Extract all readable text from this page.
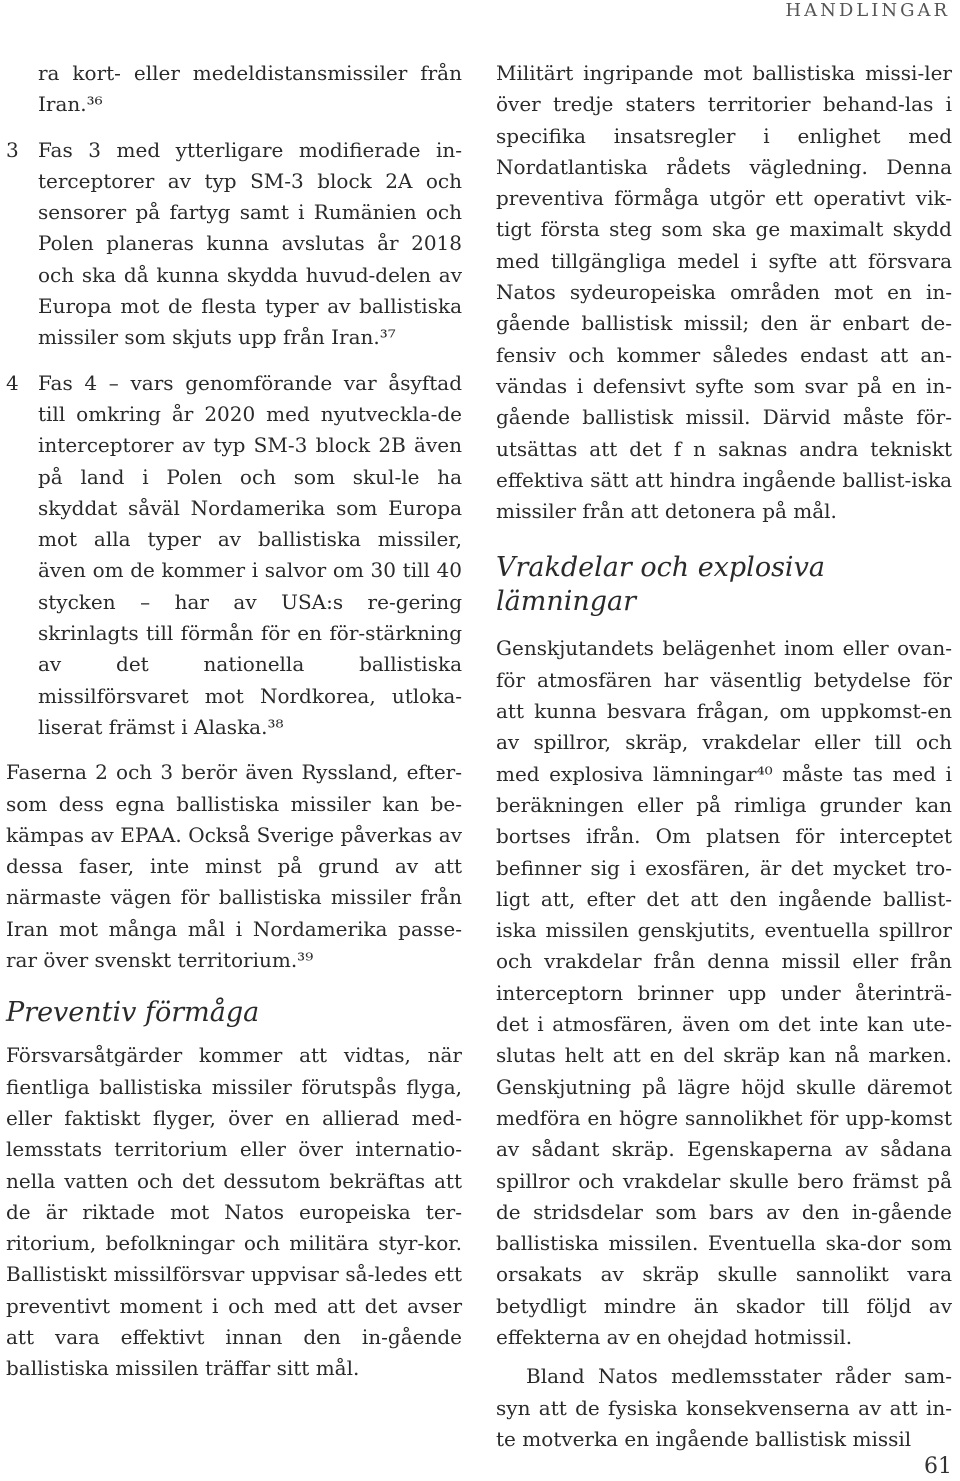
HANDLINGAR

ra kort- eller medeldistansmissiler från Iran.³⁶

3 Fas 3 med ytterligare modifierade in-terceptorer av typ SM-3 block 2A och sensorer på fartyg samt i Rumänien och Polen planeras kunna avslutas år 2018 och ska då kunna skydda huvud-delen av Europa mot de flesta typer av ballistiska missiler som skjuts upp från Iran.³⁷
4 Fas 4 – vars genomförande var åsyftad till omkring år 2020 med nyutveckla-de interceptorer av typ SM-3 block 2B även på land i Polen och som skul-le ha skyddat såväl Nordamerika som Europa mot alla typer av ballistiska missiler, även om de kommer i salvor om 30 till 40 stycken – har av USA:s re-gering skrinlagts till förmån för en för-stärkning av det nationella ballistiska missilförsvaret mot Nordkorea, utloka-liserat främst i Alaska.³⁸

Faserna 2 och 3 berör även Ryssland, efter-som dess egna ballistiska missiler kan be-kämpas av EPAA. Också Sverige påverkas av dessa faser, inte minst på grund av att närmaste vägen för ballistiska missiler från Iran mot många mål i Nordamerika passe-rar över svenskt territorium.³⁹

Preventiv förmåga

Försvarsåtgärder kommer att vidtas, när fientliga ballistiska missiler förutspås flyga, eller faktiskt flyger, över en allierad med-lemsstats territorium eller över internatio-nella vatten och det dessutom bekräftas att de är riktade mot Natos europeiska ter-ritorium, befolkningar och militära styr-kor. Ballistiskt missilförsvar uppvisar så-ledes ett preventivt moment i och med att det avser att vara effektivt innan den in-gående ballistiska missilen träffar sitt mål.

Militärt ingripande mot ballistiska missi-ler över tredje staters territorier behand-las i specifika insatsregler i enlighet med Nordatlantiska rådets vägledning. Denna preventiva förmåga utgör ett operativt vik-tigt första steg som ska ge maximalt skydd med tillgängliga medel i syfte att försvara Natos sydeuropeiska områden mot en in-gående ballistisk missil; den är enbart de-fensiv och kommer således endast att an-vändas i defensivt syfte som svar på en in-gående ballistisk missil. Därvid måste för-utsättas att det f n saknas andra tekniskt effektiva sätt att hindra ingående ballist-iska missiler från att detonera på mål.

Vrakdelar och explosiva lämningar

Genskjutandets belägenhet inom eller ovan-för atmosfären har väsentlig betydelse för att kunna besvara frågan, om uppkomst-en av spillror, skräp, vrakdelar eller till och med explosiva lämningar⁴⁰ måste tas med i beräkningen eller på rimliga grunder kan bortses ifrån. Om platsen för interceptet befinner sig i exosfären, är det mycket tro-ligt att, efter det att den ingående ballist-iska missilen genskjutits, eventuella spillror och vrakdelar från denna missil eller från interceptorn brinner upp under återinträ-det i atmosfären, även om det inte kan ute-slutas helt att en del skräp kan nå marken. Genskjutning på lägre höjd skulle däremot medföra en högre sannolikhet för upp-komst av sådant skräp. Egenskaperna av sådana spillror och vrakdelar skulle bero främst på de stridsdelar som bars av den in-gående ballistiska missilen. Eventuella ska-dor som orsakats av skräp skulle sannolikt vara betydligt mindre än skador till följd av effekterna av en ohejdad hotmissil.

Bland Natos medlemsstater råder sam-syn att de fysiska konsekvenserna av att in-te motverka en ingående ballistisk missil

61
